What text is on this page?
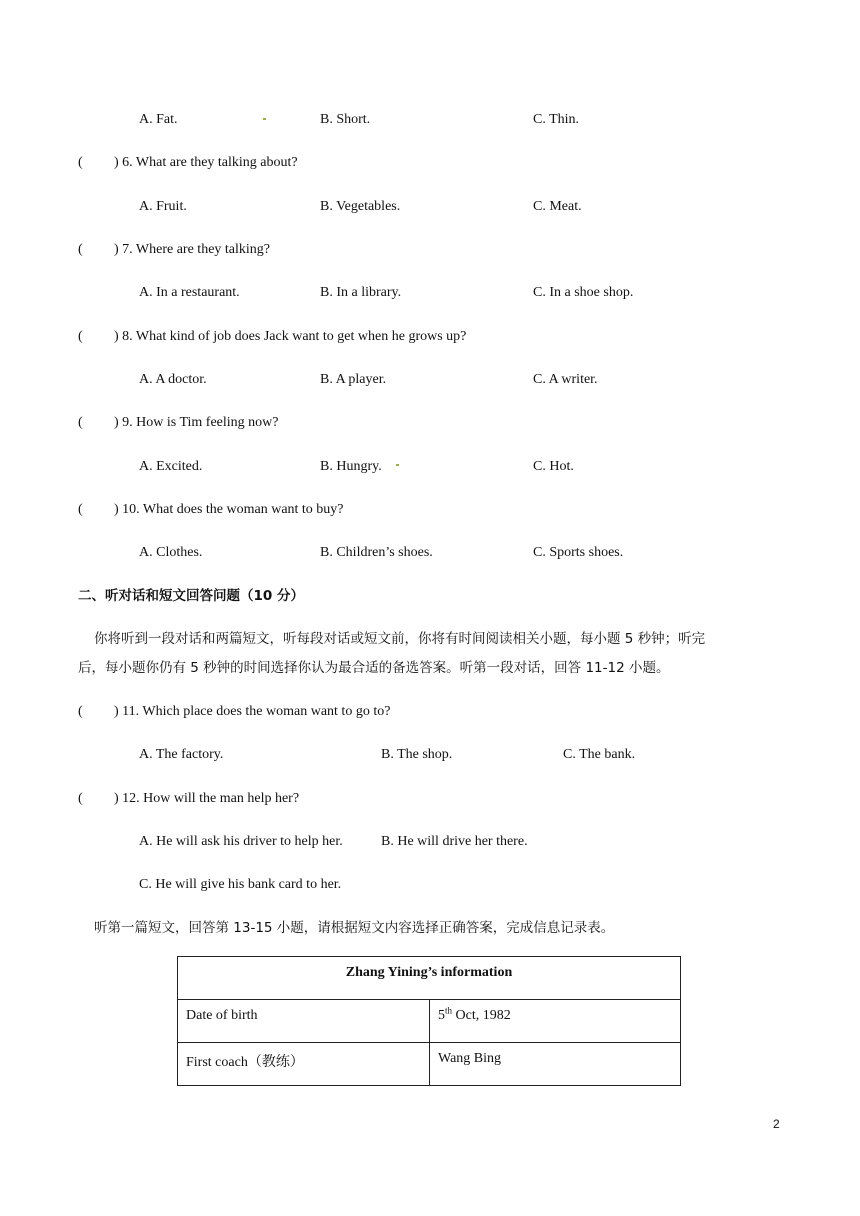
A. Fat.	B. Short.	C. Thin.
( ) 6. What are they talking about?
A. Fruit.	B. Vegetables.	C. Meat.
( ) 7. Where are they talking?
A. In a restaurant.	B. In a library.	C. In a shoe shop.
( ) 8. What kind of job does Jack want to get when he grows up?
A. A doctor.	B. A player.	C. A writer.
( ) 9. How is Tim feeling now?
A. Excited.	B. Hungry.	C. Hot.
( ) 10. What does the woman want to buy?
A. Clothes.	B. Children’s shoes.	C. Sports shoes.
二、听对话和短文回答问题（10 分）
你将听到一段对话和两篇短文，听每段对话或短文前，你将有时间阅读相关小题，每小题 5 秒钟；听完
后，每小题你仍有 5 秒钟的时间选择你认为最合适的备选答案。听第一段对话，回答 11-12 小题。
( ) 11. Which place does the woman want to go to?
A. The factory.	B. The shop.	C. The bank.
( ) 12. How will the man help her?
A. He will ask his driver to help her.	B. He will drive her there.
C. He will give his bank card to her.
听第一篇短文，回答第 13-15 小题，请根据短文内容选择正确答案，完成信息记录表。
Zhang Yining’s information	
Date of birth	5th Oct, 1982
First coach（教练）	Wang Bing
2
